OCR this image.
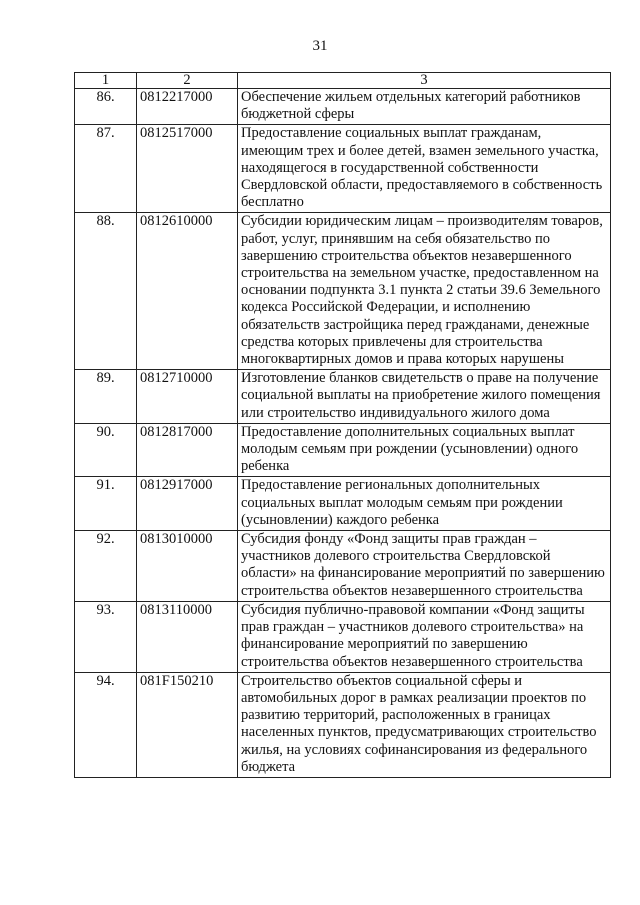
31
1	2	3
86.	0812217000	Обеспечение жильем отдельных категорий работников бюджетной сферы
87.	0812517000	Предоставление социальных выплат гражданам, имеющим трех и более детей, взамен земельного участка, находящегося в государственной собственности Свердловской области, предоставляемого в собственность бесплатно
88.	0812610000	Субсидии юридическим лицам – производителям товаров, работ, услуг, принявшим на себя обязательство по завершению строительства объектов незавершенного строительства на земельном участке, предоставленном на основании подпункта 3.1 пункта 2 статьи 39.6 Земельного кодекса Российской Федерации, и исполнению обязательств застройщика перед гражданами, денежные средства которых привлечены для строительства многоквартирных домов и права которых нарушены
89.	0812710000	Изготовление бланков свидетельств о праве на получение социальной выплаты на приобретение жилого помещения или строительство индивидуального жилого дома
90.	0812817000	Предоставление дополнительных социальных выплат молодым семьям при рождении (усыновлении) одного ребенка
91.	0812917000	Предоставление региональных дополнительных социальных выплат молодым семьям при рождении (усыновлении) каждого ребенка
92.	0813010000	Субсидия фонду «Фонд защиты прав граждан – участников долевого строительства Свердловской области» на финансирование мероприятий по завершению строительства объектов незавершенного строительства
93.	0813110000	Субсидия публично-правовой компании «Фонд защиты прав граждан – участников долевого строительства» на финансирование мероприятий по завершению строительства объектов незавершенного строительства
94.	081F150210	Строительство объектов социальной сферы и автомобильных дорог в рамках реализации проектов по развитию территорий, расположенных в границах населенных пунктов, предусматривающих строительство жилья, на условиях софинансирования из федерального бюджета
